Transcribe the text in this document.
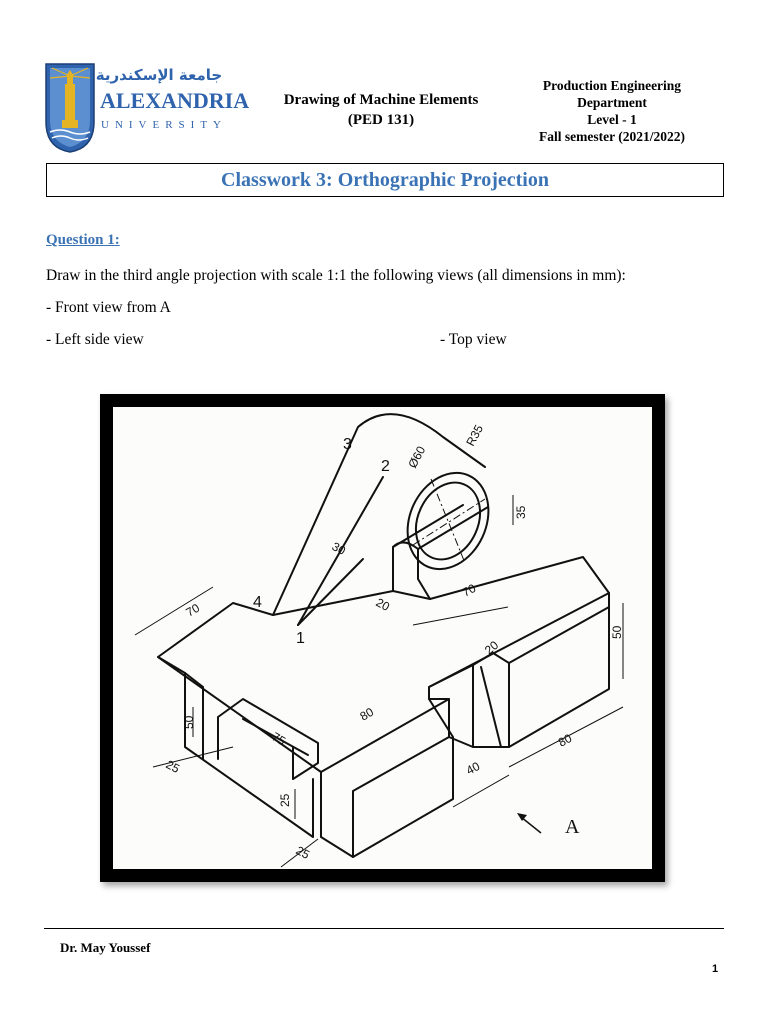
جامعة الإسكندرية
ALEXANDRIA
UNIVERSITY
Drawing of Machine Elements
(PED 131)
Production Engineering
Department
Level - 1
Fall semester (2021/2022)
Classwork 3: Orthographic Projection
Question 1:
Draw in the third angle projection with scale 1:1 the following views (all dimensions in mm):
- Front view from A
- Left side view	- Top view
R35
Ø60
35
30
70	20
70
50
20
80
50
75	80
25
25
25
40
3
2
4
1
A
Dr. May Youssef
1
